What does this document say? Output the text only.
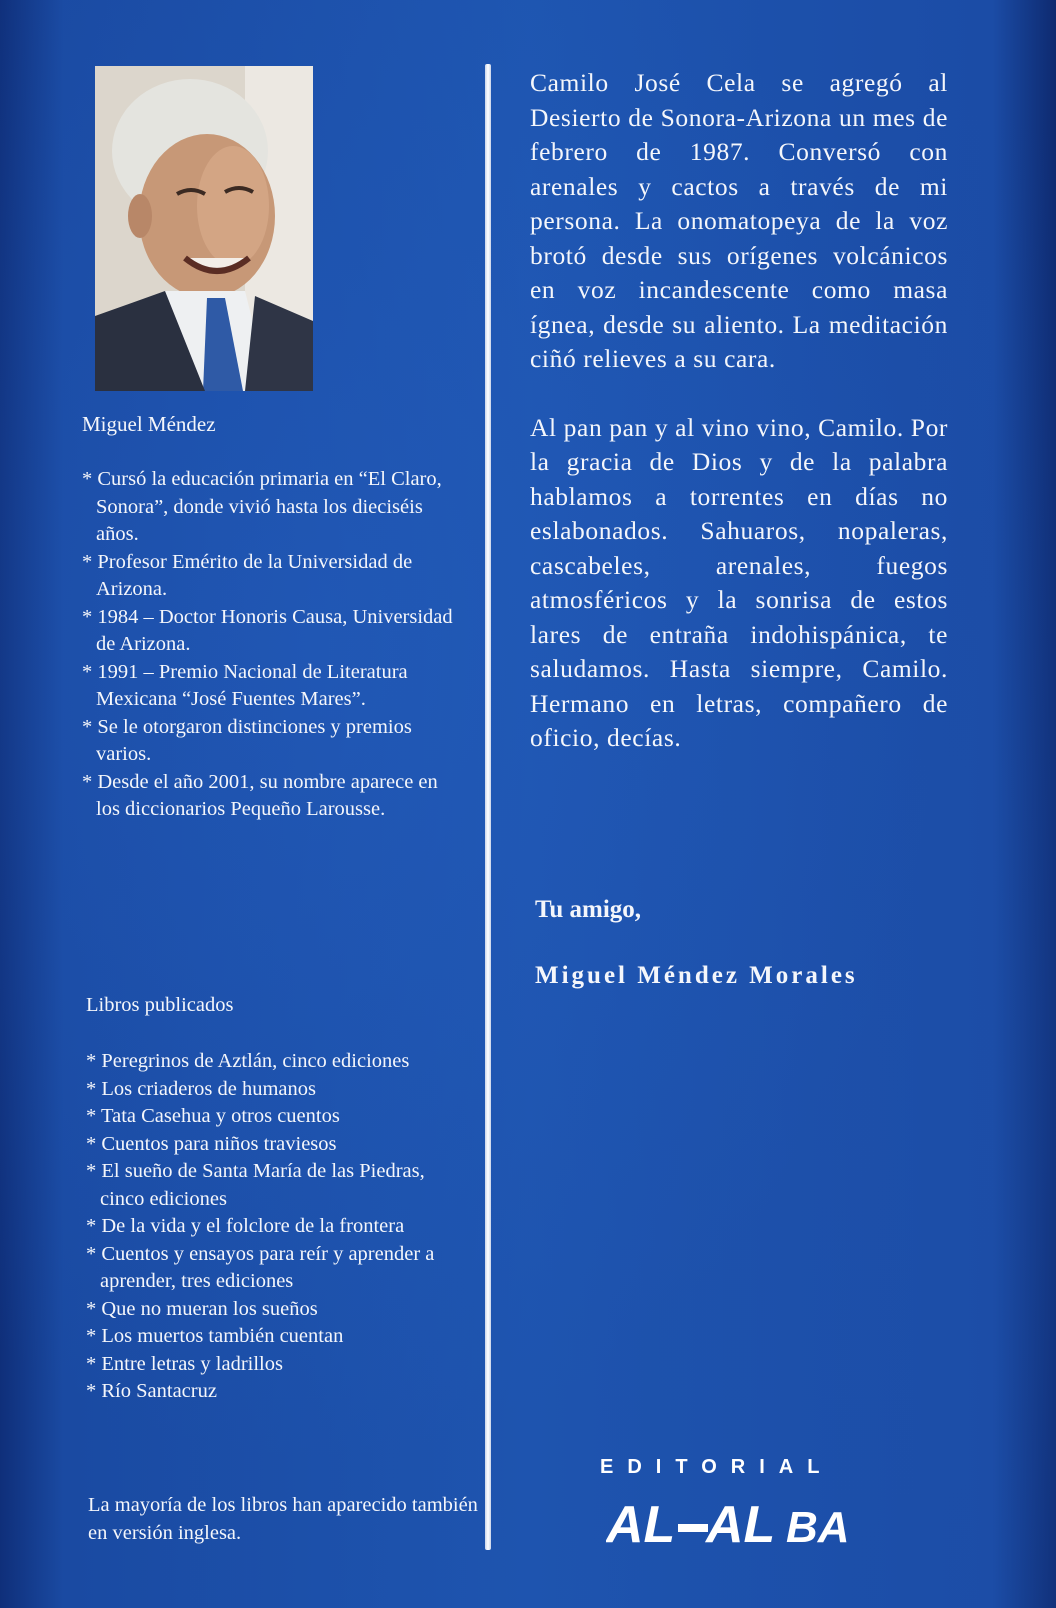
Miguel Méndez
* Cursó la educación primaria en “El Claro, Sonora”, donde vivió hasta los dieciséis años.
* Profesor Emérito de la Universidad de Arizona.
* 1984 – Doctor Honoris Causa, Universidad de Arizona.
* 1991 – Premio Nacional de Literatura Mexicana “José Fuentes Mares”.
* Se le otorgaron distinciones y premios varios.
* Desde el año 2001, su nombre aparece en los diccionarios Pequeño Larousse.
Libros publicados
* Peregrinos de Aztlán, cinco ediciones
* Los criaderos de humanos
* Tata Casehua y otros cuentos
* Cuentos para niños traviesos
* El sueño de Santa María de las Piedras, cinco ediciones
* De la vida y el folclore de la frontera
* Cuentos y ensayos para reír y aprender a aprender, tres ediciones
* Que no mueran los sueños
* Los muertos también cuentan
* Entre letras y ladrillos
* Río Santacruz
La mayoría de los libros han aparecido también en versión inglesa.

Camilo José Cela se agregó al Desierto de Sonora-Arizona un mes de febrero de 1987. Conversó con arenales y cactos a través de mi persona. La onomatopeya de la voz brotó desde sus orígenes volcánicos en voz incandescente como masa ígnea, desde su aliento. La meditación ciñó relieves a su cara.

Al pan pan y al vino vino, Camilo. Por la gracia de Dios y de la palabra hablamos a torrentes en días no eslabonados. Sahuaros, nopaleras, cascabeles, arenales, fuegos atmosféricos y la sonrisa de estos lares de entraña indohispánica, te saludamos. Hasta siempre, Camilo. Hermano en letras, compañero de oficio, decías.

Tu amigo,
Miguel Méndez Morales
EDITORIAL
AL AL BA
